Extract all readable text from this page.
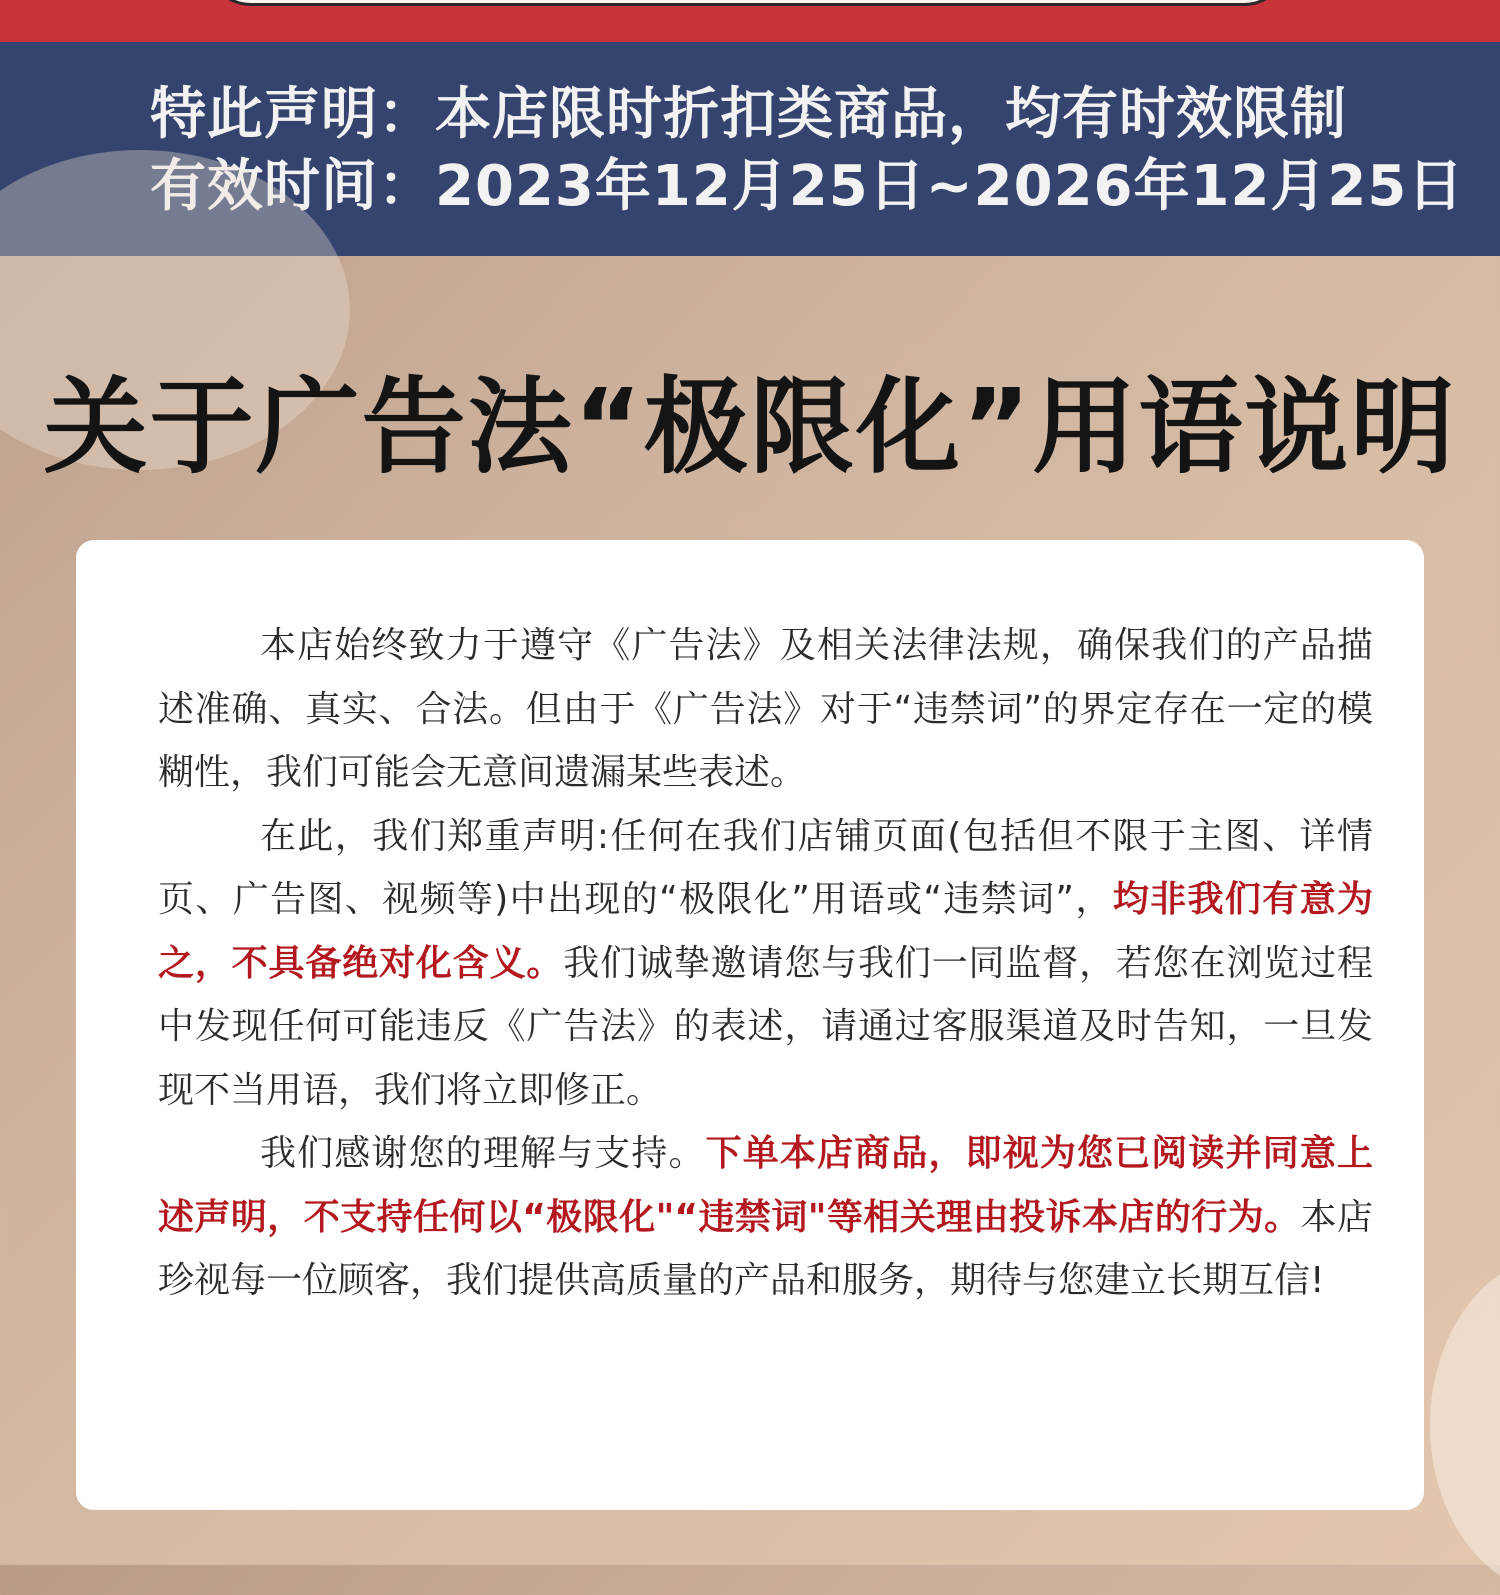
特此声明：本店限时折扣类商品，均有时效限制
有效时间：2023年12月25日~2026年12月25日
关于广告法“极限化”用语说明

本店始终致力于遵守《广告法》及相关法律法规，确保我们的产品描述准确、真实、合法。但由于《广告法》对于“违禁词”的界定存在一定的模糊性，我们可能会无意间遗漏某些表述。

在此，我们郑重声明:任何在我们店铺页面(包括但不限于主图、详情页、广告图、视频等)中出现的“极限化”用语或“违禁词”，均非我们有意为之，不具备绝对化含义。我们诚挚邀请您与我们一同监督，若您在浏览过程中发现任何可能违反《广告法》的表述，请通过客服渠道及时告知，一旦发现不当用语，我们将立即修正。

我们感谢您的理解与支持。下单本店商品，即视为您已阅读并同意上述声明，不支持任何以“极限化"“违禁词"等相关理由投诉本店的行为。本店珍视每一位顾客，我们提供高质量的产品和服务，期待与您建立长期互信!
